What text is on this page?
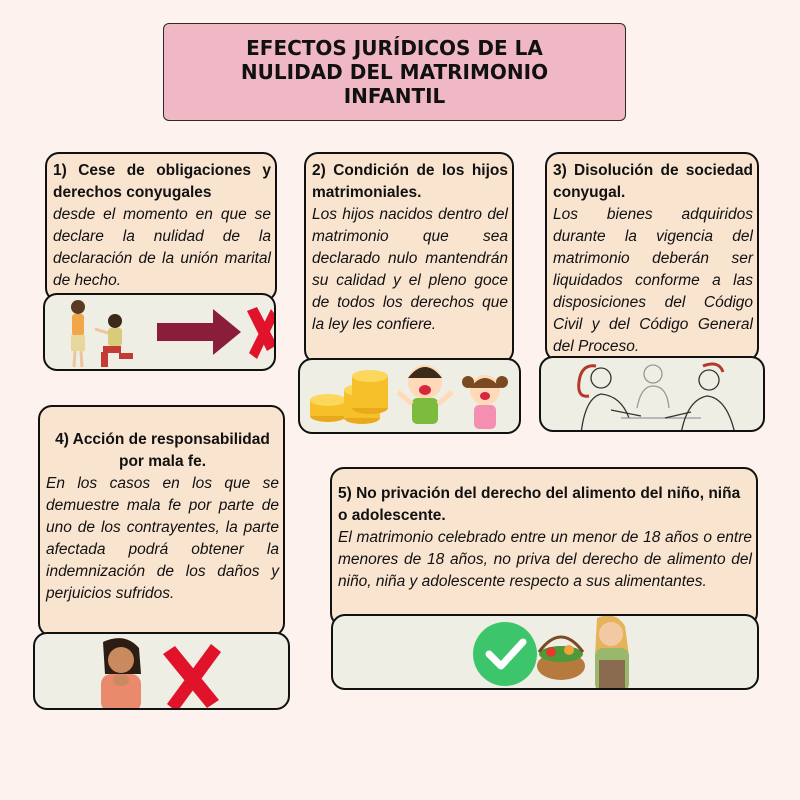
EFECTOS JURÍDICOS DE LA NULIDAD DEL MATRIMONIO INFANTIL
1) Cese de obligaciones y derechos conyugales
desde el momento en que se declare la nulidad de la declaración de la unión marital de hecho.
2) Condición de los hijos matrimoniales.
Los hijos nacidos dentro del matrimonio que sea declarado nulo mantendrán su calidad y el pleno goce de todos los derechos que la ley les confiere.
3) Disolución de sociedad conyugal.
Los bienes adquiridos durante la vigencia del matrimonio deberán ser liquidados conforme a las disposiciones del Código Civil y del Código General del Proceso.
4) Acción de responsabilidad por mala fe.
En los casos en los que se demuestre mala fe por parte de uno de los contrayentes, la parte afectada podrá obtener la indemnización de los daños y perjuicios sufridos.
5) No privación del derecho del alimento del niño, niña o adolescente.
El matrimonio celebrado entre un menor de 18 años o entre menores de 18 años, no priva del derecho de alimento del niño, niña y adolescente respecto a sus alimentantes.
